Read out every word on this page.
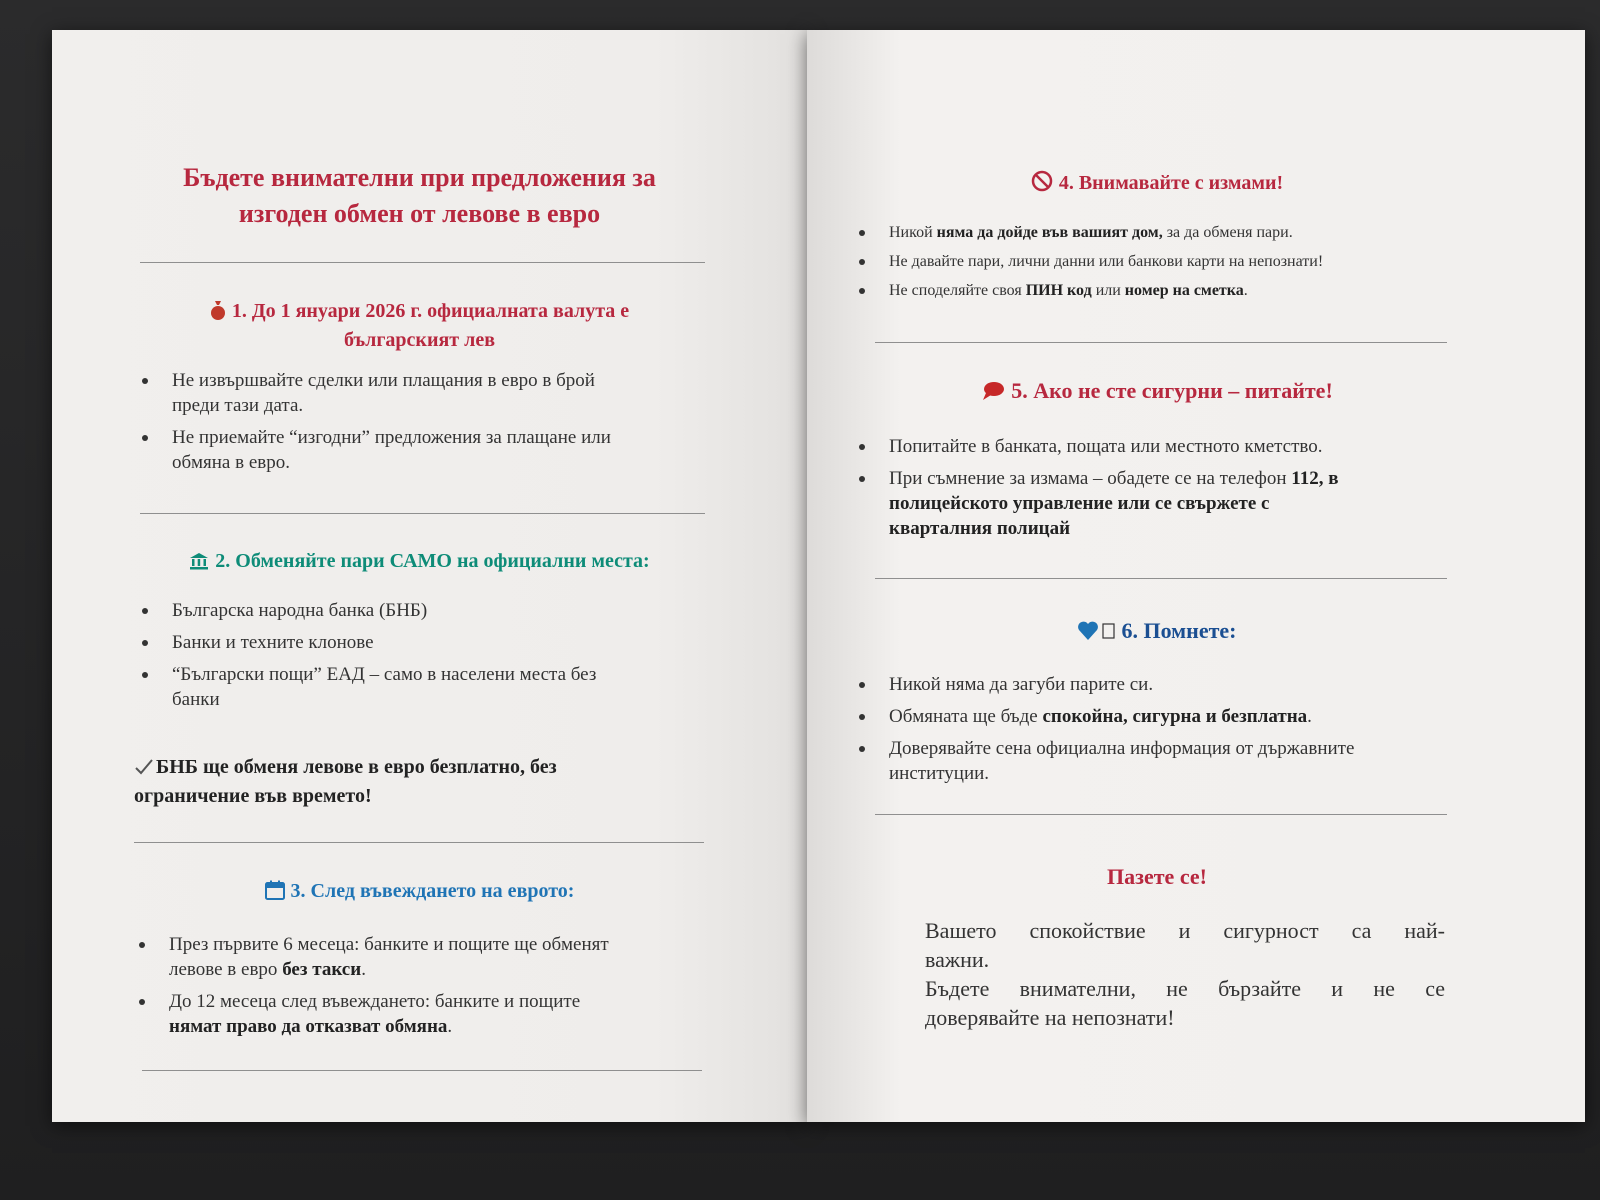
Бъдете внимателни при предложения за
изгоден обмен от левове в евро
1. До 1 януари 2026 г. официалната валута е
българският лев
Не извършвайте сделки или плащания в евро в брой
преди тази дата.
Не приемайте “изгодни” предложения за плащане или
обмяна в евро.
2. Обменяйте пари САМО на официални места:
Българска народна банка (БНБ)
Банки и техните клонове
“Български пощи” ЕАД – само в населени места без
банки
БНБ ще обменя левове в евро безплатно, без
ограничение във времето!
3. След въвеждането на еврото:
През първите 6 месеца: банките и пощите ще обменят
левове в евро без такси.
До 12 месеца след въвеждането: банките и пощите
нямат право да отказват обмяна.
4. Внимавайте с измами!
Никой няма да дойде във вашият дом, за да обменя пари.
Не давайте пари, лични данни или банкови карти на непознати!
Не споделяйте своя ПИН код или номер на сметка.
5. Ако не сте сигурни – питайте!
Попитайте в банката, пощата или местното кметство.
При съмнение за измама – обадете се на телефон 112, в
полицейското управление или се свържете с
кварталния полицай
6. Помнете:
Никой няма да загуби парите си.
Обмяната ще бъде спокойна, сигурна и безплатна.
Доверявайте сена официална информация от държавните
институции.
Пазете се!
Вашето спокойствие и сигурност са най-
важни.
Бъдете внимателни, не бързайте и не се
доверявайте на непознати!
